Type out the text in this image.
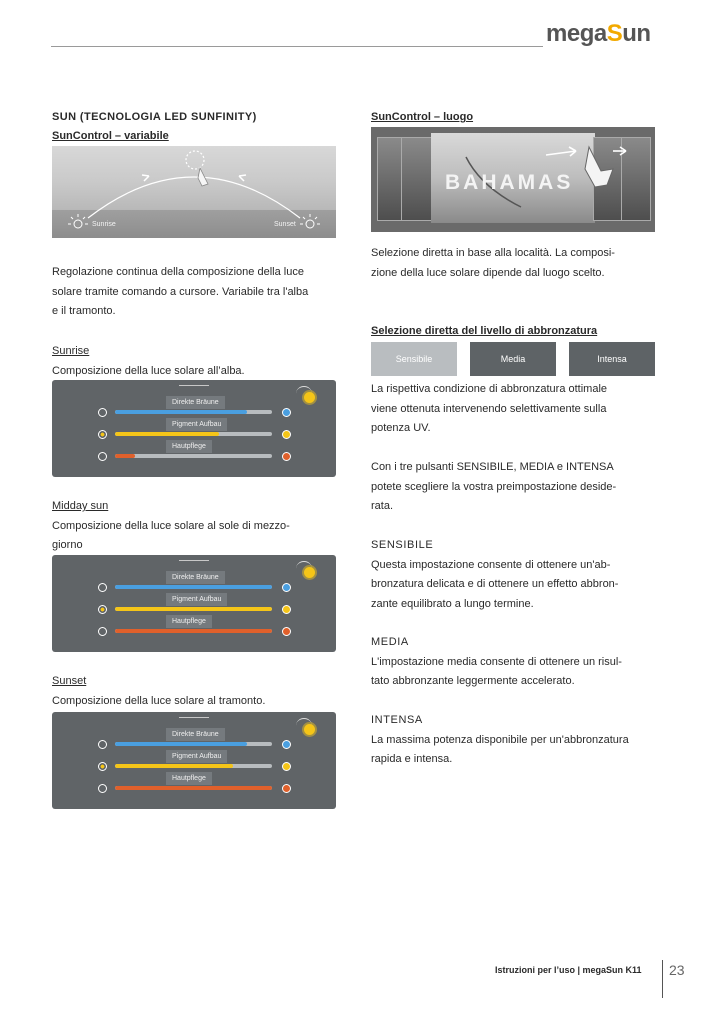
megaSun
SUN (TECNOLOGIA LED SUNFINITY)
SunControl – variabile
Sunrise	Sunset
Regolazione continua della composizione della luce
solare tramite comando a cursore. Variabile tra l'alba
e il tramonto.
Sunrise
Composizione della luce solare all’alba.
Direkte Bräune
Pigment Aufbau
Hautpflege
Midday sun
Composizione della luce solare al sole di mezzo-
giorno
Direkte Bräune
Pigment Aufbau
Hautpflege
Sunset
Composizione della luce solare al tramonto.
Direkte Bräune
Pigment Aufbau
Hautpflege
SunControl – luogo
BAHAMAS
Selezione diretta in base alla località. La composi-
zione della luce solare dipende dal luogo scelto.
Selezione diretta del livello di abbronzatura
Sensibile	Media	Intensa
La rispettiva condizione di abbronzatura ottimale
viene ottenuta intervenendo selettivamente sulla
potenza UV.
Con i tre pulsanti SENSIBILE, MEDIA e INTENSA
potete scegliere la vostra preimpostazione deside-
rata.
SENSIBILE
Questa impostazione consente di ottenere un'ab-
bronzatura delicata e di ottenere un effetto abbron-
zante equilibrato a lungo termine.
MEDIA
L'impostazione media consente di ottenere un risul-
tato abbronzante leggermente accelerato.
INTENSA
La massima potenza disponibile per un'abbronzatura
rapida e intensa.
Istruzioni per l’uso | megaSun K11 23
